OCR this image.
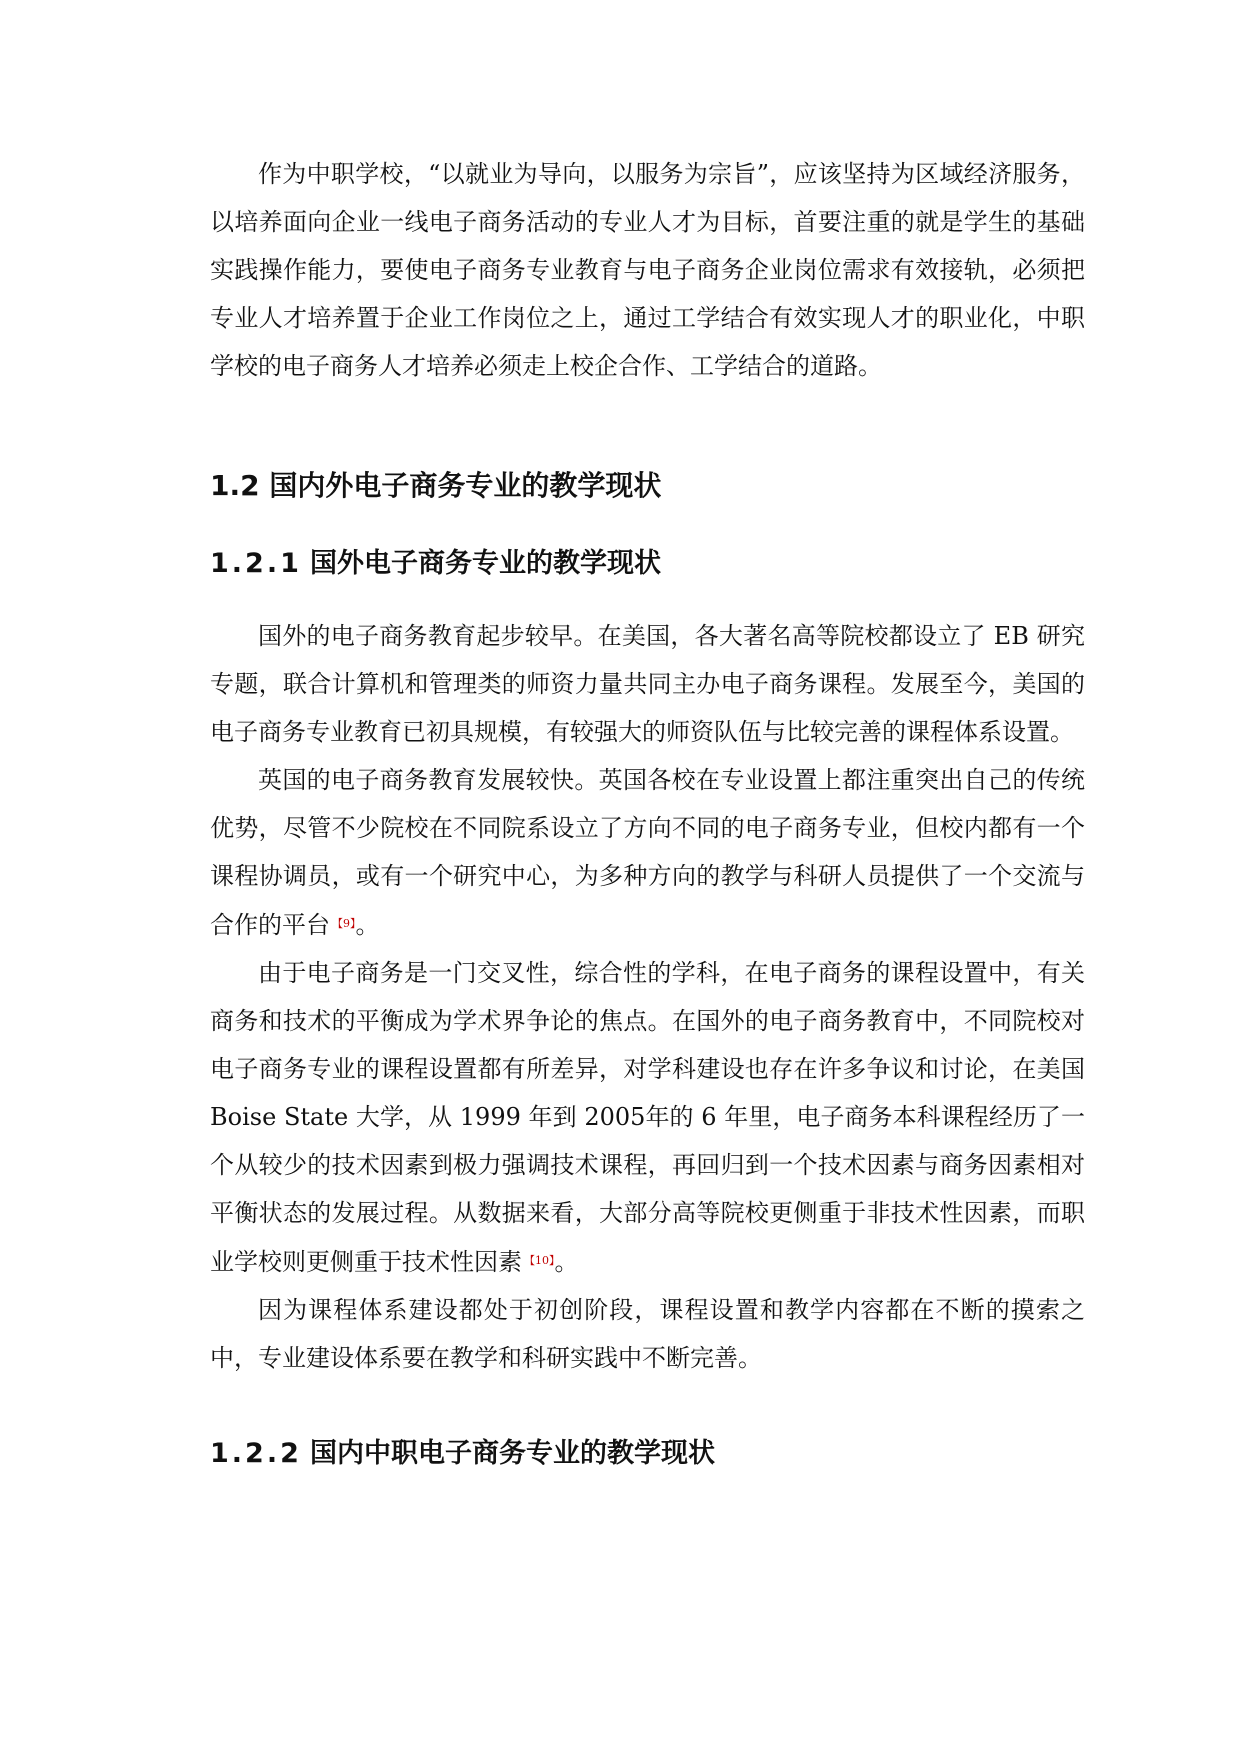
作为中职学校，“以就业为导向，以服务为宗旨”，应该坚持为区域经济服务，以培养面向企业一线电子商务活动的专业人才为目标，首要注重的就是学生的基础实践操作能力，要使电子商务专业教育与电子商务企业岗位需求有效接轨，必须把专业人才培养置于企业工作岗位之上，通过工学结合有效实现人才的职业化，中职学校的电子商务人才培养必须走上校企合作、工学结合的道路。

1.2 国内外电子商务专业的教学现状
1.2.1 国外电子商务专业的教学现状

国外的电子商务教育起步较早。在美国，各大著名高等院校都设立了 EB 研究专题，联合计算机和管理类的师资力量共同主办电子商务课程。发展至今，美国的电子商务专业教育已初具规模，有较强大的师资队伍与比较完善的课程体系设置。

英国的电子商务教育发展较快。英国各校在专业设置上都注重突出自己的传统优势，尽管不少院校在不同院系设立了方向不同的电子商务专业，但校内都有一个课程协调员，或有一个研究中心，为多种方向的教学与科研人员提供了一个交流与合作的平台 $^{【9】}$。

由于电子商务是一门交叉性，综合性的学科，在电子商务的课程设置中，有关商务和技术的平衡成为学术界争论的焦点。在国外的电子商务教育中，不同院校对电子商务专业的课程设置都有所差异，对学科建设也存在许多争议和讨论，在美国 Boise State 大学，从 1999 年到 2005年的 6 年里，电子商务本科课程经历了一个从较少的技术因素到极力强调技术课程，再回归到一个技术因素与商务因素相对平衡状态的发展过程。从数据来看，大部分高等院校更侧重于非技术性因素，而职业学校则更侧重于技术性因素 $^{【10】}$。

因为课程体系建设都处于初创阶段，课程设置和教学内容都在不断的摸索之中，专业建设体系要在教学和科研实践中不断完善。

1.2.2 国内中职电子商务专业的教学现状
